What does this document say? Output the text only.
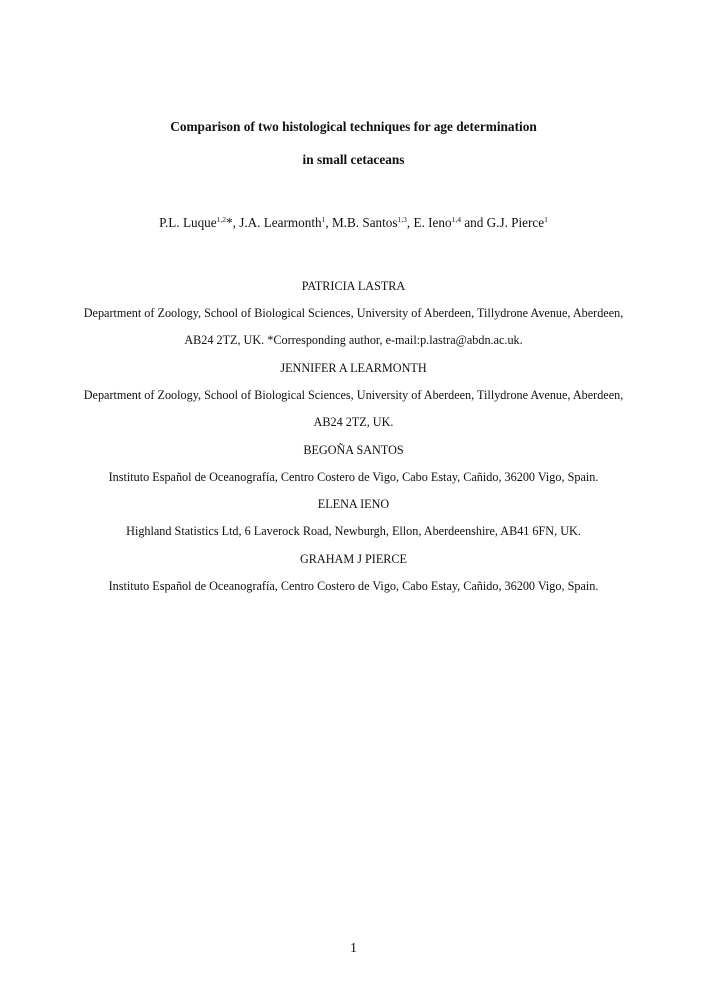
Comparison of two histological techniques for age determination
in small cetaceans
P.L. Luque$^{1,2}$*, J.A. Learmonth$^1$, M.B. Santos$^{1,3}$, E. Ieno$^{1,4}$ and G.J. Pierce$^1$
PATRICIA LASTRA
Department of Zoology, School of Biological Sciences, University of Aberdeen, Tillydrone Avenue, Aberdeen,
AB24 2TZ, UK. *Corresponding author, e-mail:p.lastra@abdn.ac.uk.
JENNIFER A LEARMONTH
Department of Zoology, School of Biological Sciences, University of Aberdeen, Tillydrone Avenue, Aberdeen,
AB24 2TZ, UK.
BEGOÑA SANTOS
Instituto Español de Oceanografía, Centro Costero de Vigo, Cabo Estay, Cañido, 36200 Vigo, Spain.
ELENA IENO
Highland Statistics Ltd, 6 Laverock Road, Newburgh, Ellon, Aberdeenshire, AB41 6FN, UK.
GRAHAM J PIERCE
Instituto Español de Oceanografía, Centro Costero de Vigo, Cabo Estay, Cañido, 36200 Vigo, Spain.
1
